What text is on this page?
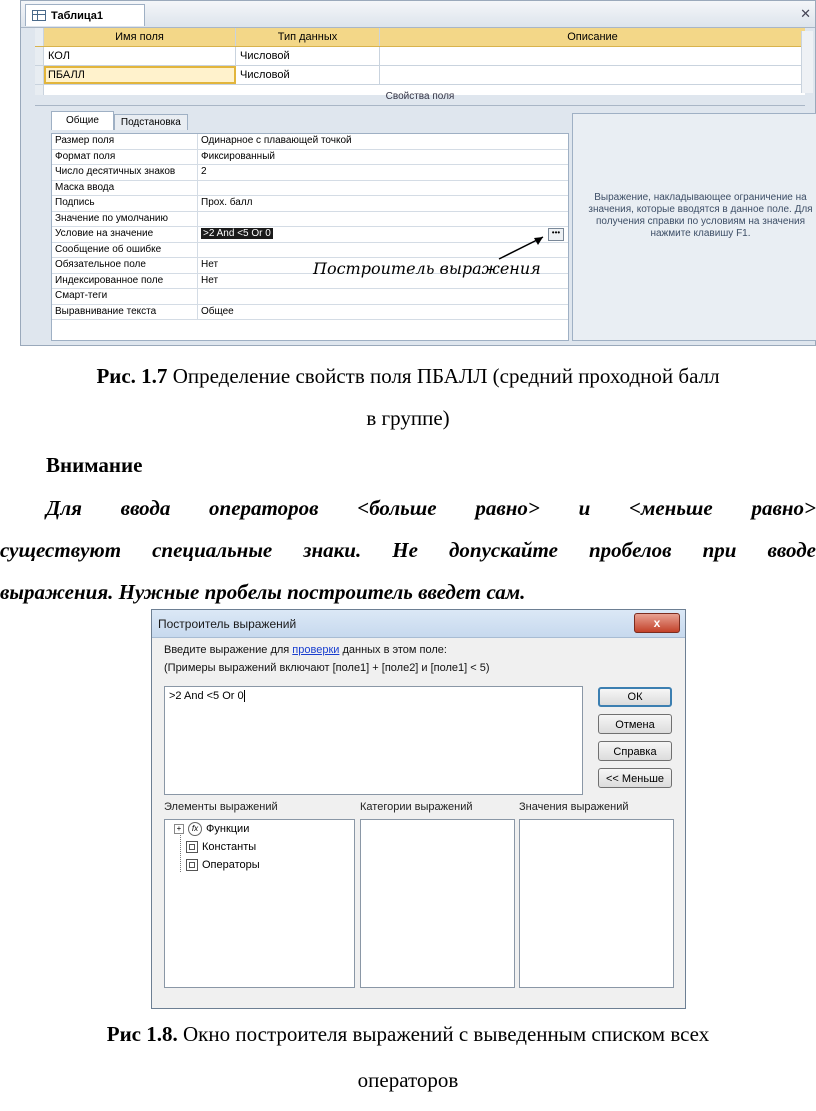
Таблица1	✕
Имя поля	Тип данных	Описание
КОЛ	Числовой
ПБАЛЛ	Числовой
Свойства поля
Общие	Подстановка
Размер поля	Одинарное с плавающей точкой
Формат поля	Фиксированный
Число десятичных знаков	2
Маска ввода
Подпись	Прох. балл
Значение по умолчанию
Условие на значение	>2 And <5 Or 0	•••
Сообщение об ошибке
Обязательное поле	Нет
Индексированное поле	Нет
Смарт-теги
Выравнивание текста	Общее
Построитель выражения
Выражение, накладывающее ограничение на значения, которые вводятся в данное поле. Для получения справки по условиям на значения нажмите клавишу F1.
Рис. 1.7 Определение свойств поля ПБАЛЛ (средний проходной балл
в группе)
Внимание
Для ввода операторов <больше равно> и <меньше равно>
существуют специальные знаки. Не допускайте пробелов при вводе
выражения. Нужные пробелы построитель введет сам.
Построитель выражений	x
Введите выражение для проверки данных в этом поле:
(Примеры выражений включают [поле1] + [поле2] и [поле1] < 5)
>2 And <5 Or 0	ОК
Отмена
Справка
<< Меньше
Элементы выражений	Категории выражений	Значения выражений
+	fx Функции
Константы
Операторы
Рис 1.8. Окно построителя выражений с выведенным списком всех
операторов
